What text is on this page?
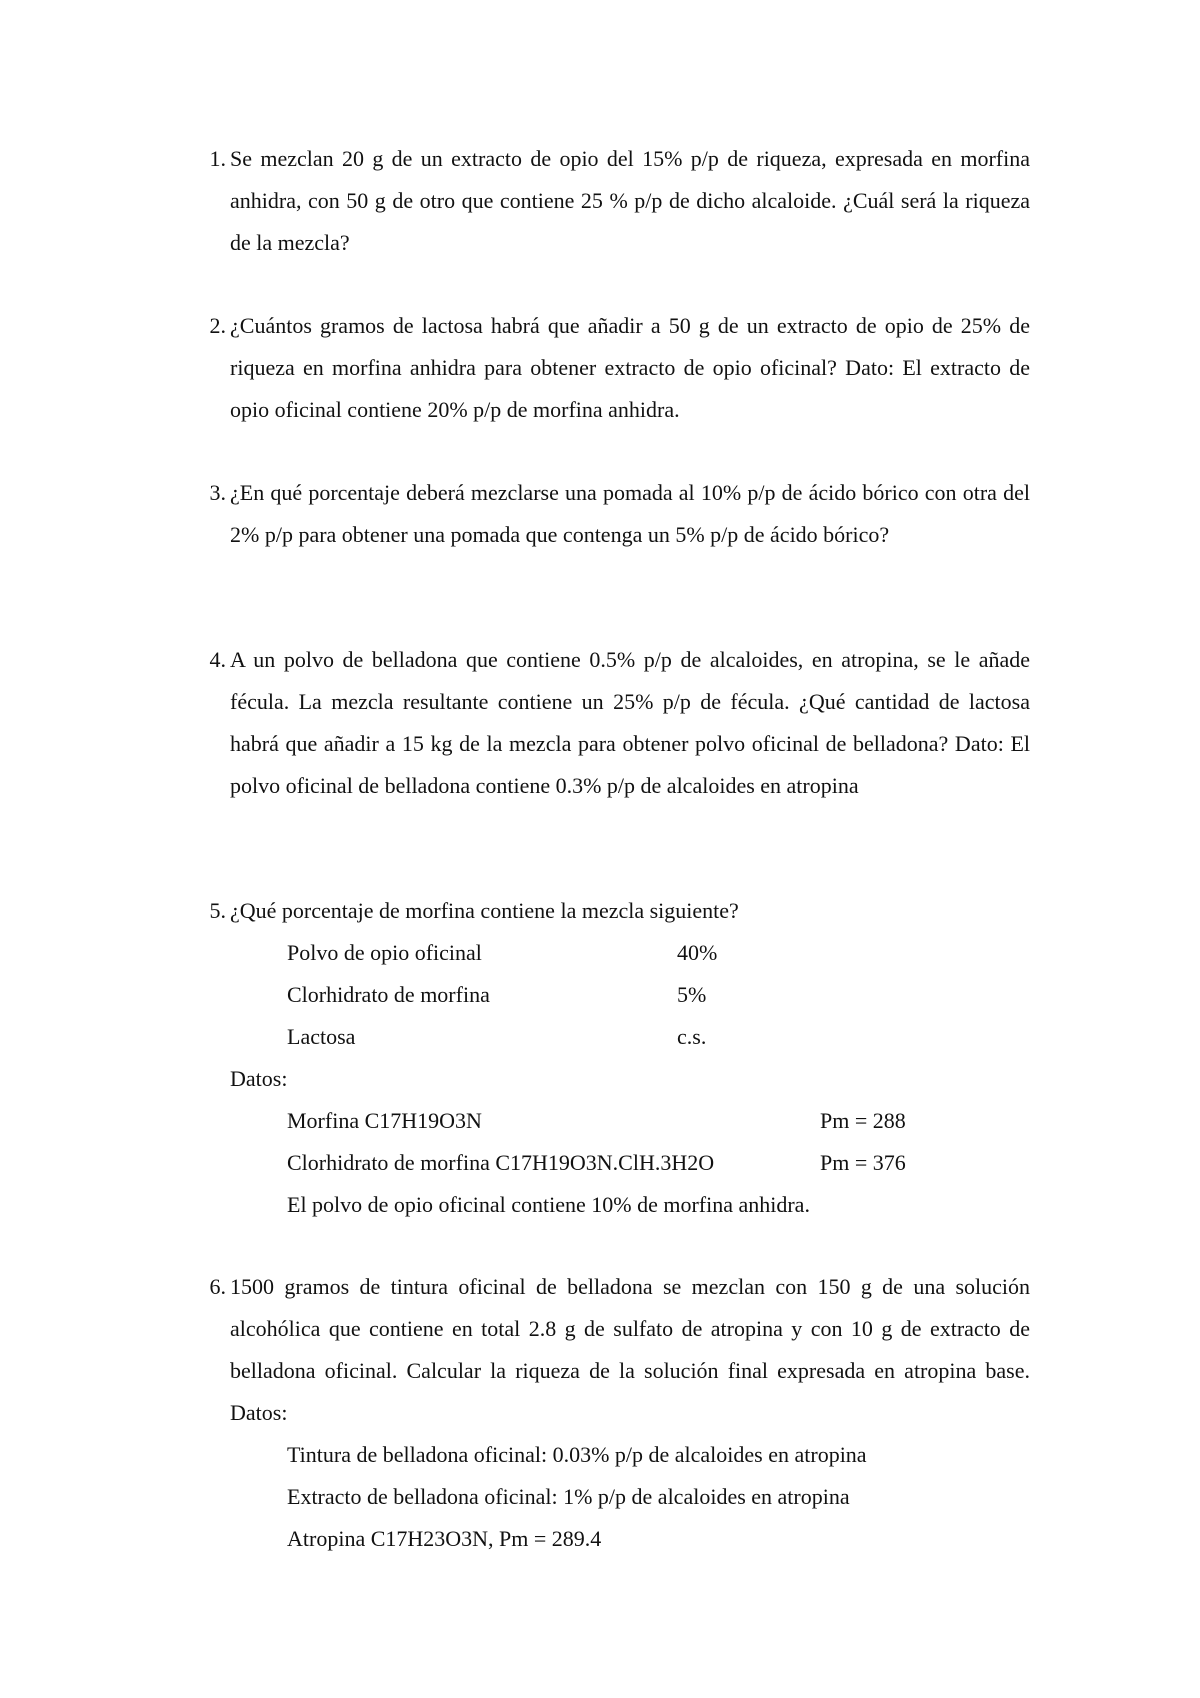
1. Se mezclan 20 g de un extracto de opio del 15% p/p de riqueza, expresada en morfina anhidra, con 50 g de otro que contiene 25 % p/p de dicho alcaloide. ¿Cuál será la riqueza de la mezcla?

2. ¿Cuántos gramos de lactosa habrá que añadir a 50 g de un extracto de opio de 25% de riqueza en morfina anhidra para obtener extracto de opio oficinal? Dato: El extracto de opio oficinal contiene 20% p/p de morfina anhidra.

3. ¿En qué porcentaje deberá mezclarse una pomada al 10% p/p de ácido bórico con otra del 2% p/p para obtener una pomada que contenga un 5% p/p de ácido bórico?

4. A un polvo de belladona que contiene 0.5% p/p de alcaloides, en atropina, se le añade fécula. La mezcla resultante contiene un 25% p/p de fécula. ¿Qué cantidad de lactosa habrá que añadir a 15 kg de la mezcla para obtener polvo oficinal de belladona? Dato: El polvo oficinal de belladona contiene 0.3% p/p de alcaloides en atropina

5. ¿Qué porcentaje de morfina contiene la mezcla siguiente?

Polvo de opio oficinal	40%
Clorhidrato de morfina	5%
Lactosa	c.s.
Datos:
Morfina C17H19O3N	Pm = 288
Clorhidrato de morfina C17H19O3N.ClH.3H2O	Pm = 376
El polvo de opio oficinal contiene 10% de morfina anhidra.
6. 1500 gramos de tintura oficinal de belladona se mezclan con 150 g de una solución alcohólica que contiene en total 2.8 g de sulfato de atropina y con 10 g de extracto de belladona oficinal. Calcular la riqueza de la solución final expresada en atropina base. Datos:

Tintura de belladona oficinal: 0.03% p/p de alcaloides en atropina
Extracto de belladona oficinal: 1% p/p de alcaloides en atropina
Atropina C17H23O3N, Pm = 289.4
